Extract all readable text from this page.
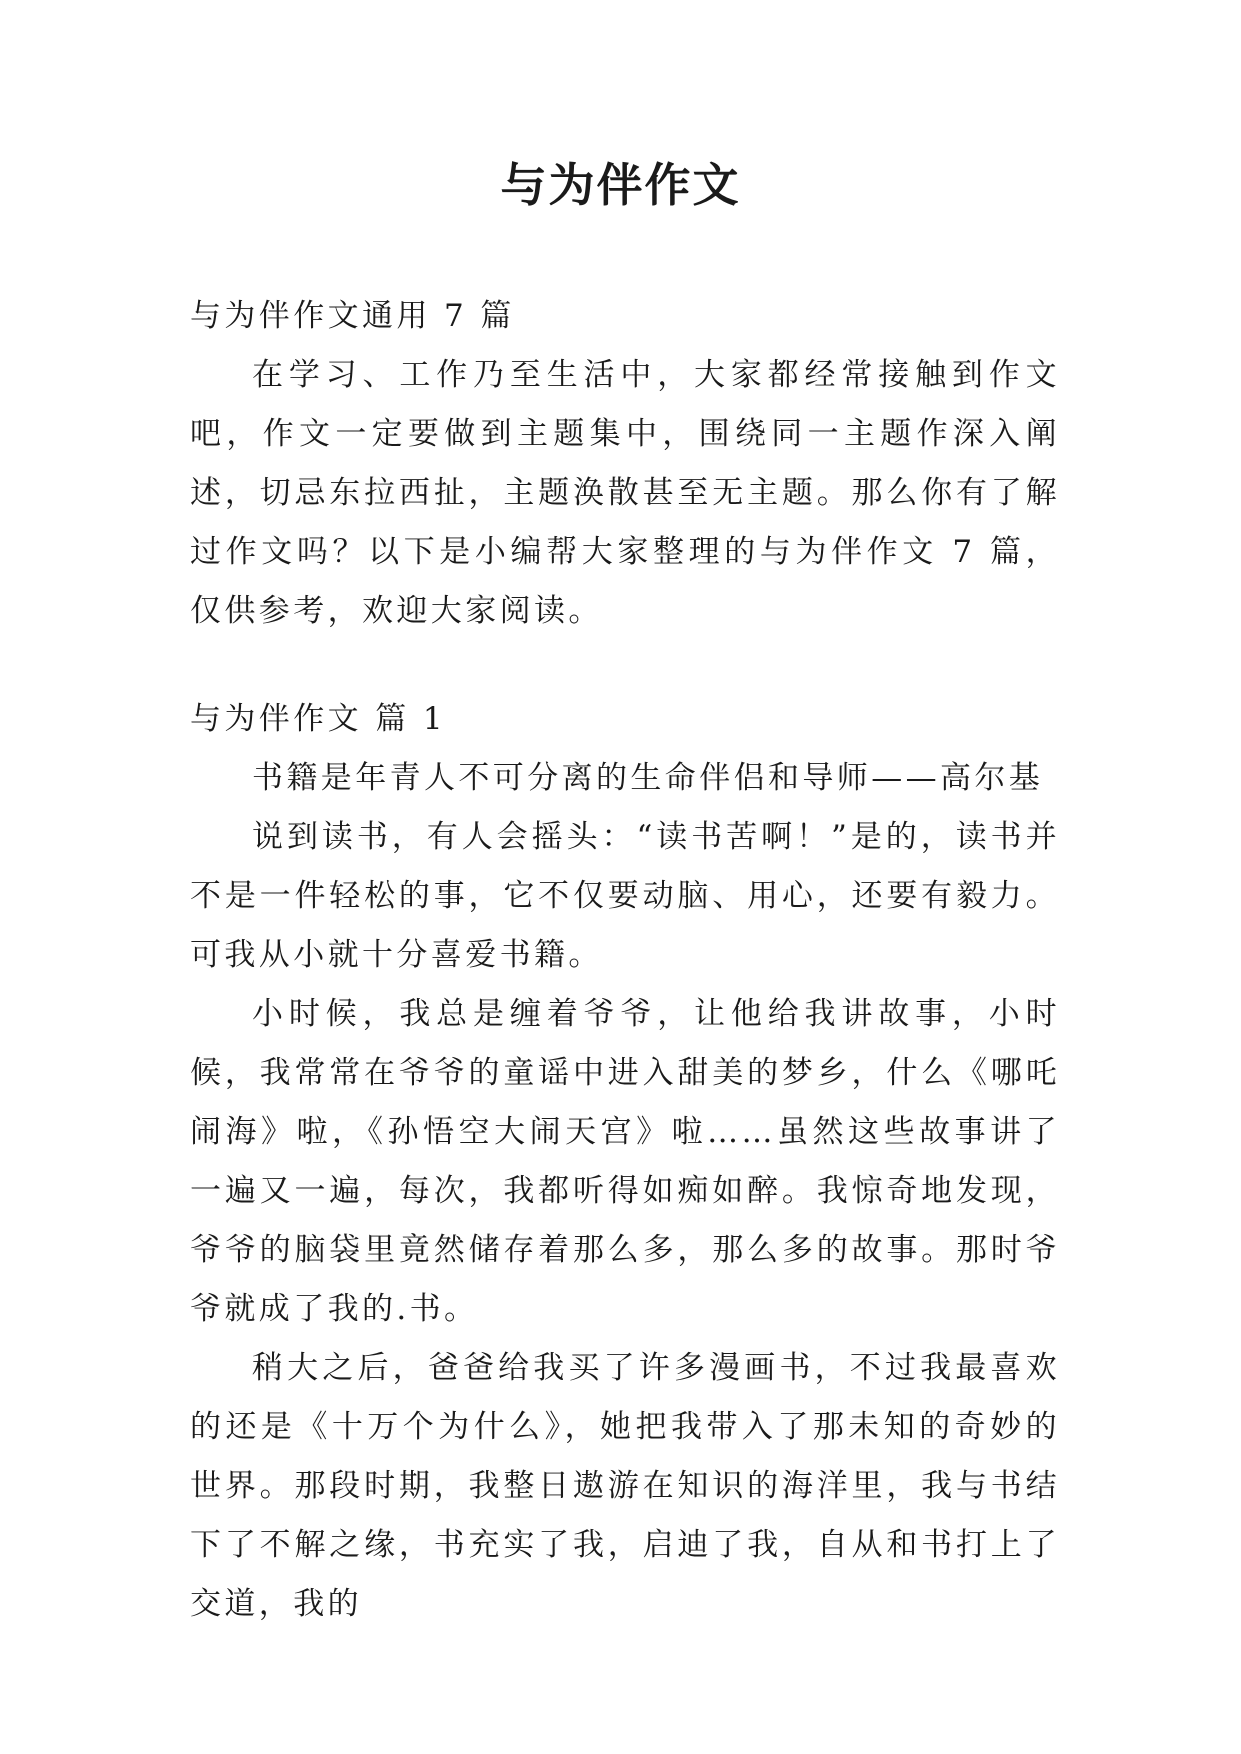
与为伴作文

与为伴作文通用 7 篇

在学习、工作乃至生活中，大家都经常接触到作文吧，作文一定要做到主题集中，围绕同一主题作深入阐述，切忌东拉西扯，主题涣散甚至无主题。那么你有了解过作文吗？以下是小编帮大家整理的与为伴作文 7 篇，仅供参考，欢迎大家阅读。

与为伴作文 篇 1

书籍是年青人不可分离的生命伴侣和导师——高尔基

说到读书，有人会摇头：“读书苦啊！”是的，读书并不是一件轻松的事，它不仅要动脑、用心，还要有毅力。可我从小就十分喜爱书籍。

小时候，我总是缠着爷爷，让他给我讲故事，小时候，我常常在爷爷的童谣中进入甜美的梦乡，什么《哪吒闹海》啦，《孙悟空大闹天宫》啦……虽然这些故事讲了一遍又一遍，每次，我都听得如痴如醉。我惊奇地发现，爷爷的脑袋里竟然储存着那么多，那么多的故事。那时爷爷就成了我的.书。

稍大之后，爸爸给我买了许多漫画书，不过我最喜欢的还是《十万个为什么》，她把我带入了那未知的奇妙的世界。那段时期，我整日遨游在知识的海洋里，我与书结下了不解之缘，书充实了我，启迪了我，自从和书打上了交道，我的
